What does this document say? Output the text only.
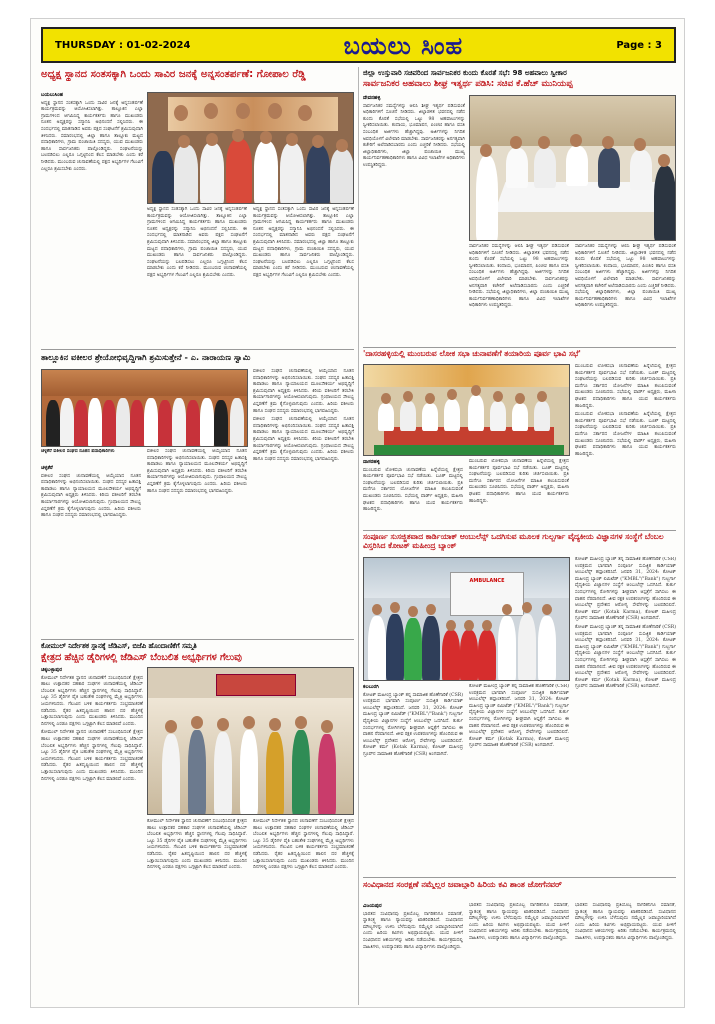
THURSDAY : 01-02-2024	ಬಯಲು ಸಿಂಹ	Page : 3
ಅಧ್ಯಕ್ಷ ಸ್ಥಾನದ ಸಂತಸಕ್ಕಾಗಿ ಒಂದು ಸಾವಿರ ಜನಕ್ಕೆ ಅನ್ನಸಂತರ್ಪಣೆ: ಗೋಪಾಲ ರೆಡ್ಡಿ
ಬಯಲುಸಿಂಹ
ಅಧ್ಯಕ್ಷ ಸ್ಥಾನದ ಸಂತಸಕ್ಕಾಗಿ ಒಂದು ಸಾವಿರ ಜನಕ್ಕೆ ಅನ್ನಸಂತರ್ಪಣೆ ಕಾರ್ಯಕ್ರಮವನ್ನು ಆಯೋಜಿಸಲಾಗಿತ್ತು. ತಾಲ್ಲೂಕಿನ ಎಲ್ಲಾ ಗ್ರಾಮಗಳಿಂದ ಆಗಮಿಸಿದ್ದ ಕಾರ್ಯಕರ್ತರು ಹಾಗೂ ಮುಖಂಡರು ನೂತನ ಅಧ್ಯಕ್ಷರನ್ನು ಸನ್ಮಾನಿಸಿ ಅಭಿನಂದನೆ ಸಲ್ಲಿಸಿದರು. ಈ ಸಂದರ್ಭದಲ್ಲಿ ಮಾತನಾಡಿದ ಅವರು ಪಕ್ಷದ ಸಂಘಟನೆಗೆ ಶ್ರಮಿಸುವುದಾಗಿ ತಿಳಿಸಿದರು. ಸಮಾರಂಭದಲ್ಲಿ ಜಿಲ್ಲಾ ಹಾಗೂ ತಾಲ್ಲೂಕು ಮಟ್ಟದ ಪದಾಧಿಕಾರಿಗಳು, ಗ್ರಾಮ ಪಂಚಾಯಿತಿ ಸದಸ್ಯರು, ಯುವ ಮುಖಂಡರು ಹಾಗೂ ಸಾರ್ವಜನಿಕರು ಪಾಲ್ಗೊಂಡಿದ್ದರು. ಸಂಘಟನೆಯನ್ನು ಬಲಪಡಿಸಲು ಎಲ್ಲರೂ ಒಗ್ಗಟ್ಟಿನಿಂದ ಕೆಲಸ ಮಾಡಬೇಕು ಎಂದು ಕರೆ ನೀಡಿದರು. ಮುಂಬರುವ ಚುನಾವಣೆಯಲ್ಲಿ ಪಕ್ಷದ ಅಭ್ಯರ್ಥಿಗಳ ಗೆಲುವಿಗೆ ಎಲ್ಲರೂ ಶ್ರಮಿಸಬೇಕು ಎಂದರು.
ಅಧ್ಯಕ್ಷ ಸ್ಥಾನದ ಸಂತಸಕ್ಕಾಗಿ ಒಂದು ಸಾವಿರ ಜನಕ್ಕೆ ಅನ್ನಸಂತರ್ಪಣೆ ಕಾರ್ಯಕ್ರಮವನ್ನು ಆಯೋಜಿಸಲಾಗಿತ್ತು. ತಾಲ್ಲೂಕಿನ ಎಲ್ಲಾ ಗ್ರಾಮಗಳಿಂದ ಆಗಮಿಸಿದ್ದ ಕಾರ್ಯಕರ್ತರು ಹಾಗೂ ಮುಖಂಡರು ನೂತನ ಅಧ್ಯಕ್ಷರನ್ನು ಸನ್ಮಾನಿಸಿ ಅಭಿನಂದನೆ ಸಲ್ಲಿಸಿದರು. ಈ ಸಂದರ್ಭದಲ್ಲಿ ಮಾತನಾಡಿದ ಅವರು ಪಕ್ಷದ ಸಂಘಟನೆಗೆ ಶ್ರಮಿಸುವುದಾಗಿ ತಿಳಿಸಿದರು. ಸಮಾರಂಭದಲ್ಲಿ ಜಿಲ್ಲಾ ಹಾಗೂ ತಾಲ್ಲೂಕು ಮಟ್ಟದ ಪದಾಧಿಕಾರಿಗಳು, ಗ್ರಾಮ ಪಂಚಾಯಿತಿ ಸದಸ್ಯರು, ಯುವ ಮುಖಂಡರು ಹಾಗೂ ಸಾರ್ವಜನಿಕರು ಪಾಲ್ಗೊಂಡಿದ್ದರು. ಸಂಘಟನೆಯನ್ನು ಬಲಪಡಿಸಲು ಎಲ್ಲರೂ ಒಗ್ಗಟ್ಟಿನಿಂದ ಕೆಲಸ ಮಾಡಬೇಕು ಎಂದು ಕರೆ ನೀಡಿದರು. ಮುಂಬರುವ ಚುನಾವಣೆಯಲ್ಲಿ ಪಕ್ಷದ ಅಭ್ಯರ್ಥಿಗಳ ಗೆಲುವಿಗೆ ಎಲ್ಲರೂ ಶ್ರಮಿಸಬೇಕು ಎಂದರು.
ಅಧ್ಯಕ್ಷ ಸ್ಥಾನದ ಸಂತಸಕ್ಕಾಗಿ ಒಂದು ಸಾವಿರ ಜನಕ್ಕೆ ಅನ್ನಸಂತರ್ಪಣೆ ಕಾರ್ಯಕ್ರಮವನ್ನು ಆಯೋಜಿಸಲಾಗಿತ್ತು. ತಾಲ್ಲೂಕಿನ ಎಲ್ಲಾ ಗ್ರಾಮಗಳಿಂದ ಆಗಮಿಸಿದ್ದ ಕಾರ್ಯಕರ್ತರು ಹಾಗೂ ಮುಖಂಡರು ನೂತನ ಅಧ್ಯಕ್ಷರನ್ನು ಸನ್ಮಾನಿಸಿ ಅಭಿನಂದನೆ ಸಲ್ಲಿಸಿದರು. ಈ ಸಂದರ್ಭದಲ್ಲಿ ಮಾತನಾಡಿದ ಅವರು ಪಕ್ಷದ ಸಂಘಟನೆಗೆ ಶ್ರಮಿಸುವುದಾಗಿ ತಿಳಿಸಿದರು. ಸಮಾರಂಭದಲ್ಲಿ ಜಿಲ್ಲಾ ಹಾಗೂ ತಾಲ್ಲೂಕು ಮಟ್ಟದ ಪದಾಧಿಕಾರಿಗಳು, ಗ್ರಾಮ ಪಂಚಾಯಿತಿ ಸದಸ್ಯರು, ಯುವ ಮುಖಂಡರು ಹಾಗೂ ಸಾರ್ವಜನಿಕರು ಪಾಲ್ಗೊಂಡಿದ್ದರು. ಸಂಘಟನೆಯನ್ನು ಬಲಪಡಿಸಲು ಎಲ್ಲರೂ ಒಗ್ಗಟ್ಟಿನಿಂದ ಕೆಲಸ ಮಾಡಬೇಕು ಎಂದು ಕರೆ ನೀಡಿದರು. ಮುಂಬರುವ ಚುನಾವಣೆಯಲ್ಲಿ ಪಕ್ಷದ ಅಭ್ಯರ್ಥಿಗಳ ಗೆಲುವಿಗೆ ಎಲ್ಲರೂ ಶ್ರಮಿಸಬೇಕು ಎಂದರು.
ತಾಲ್ಲೂಕಿನ ವಕೀಲರ ಶ್ರೇಯೋಭಿವೃದ್ಧಿಗಾಗಿ ಶ್ರಮಿಸುತ್ತೇನೆ - ಎ. ನಾರಾಯಣ ಸ್ವಾಮಿ
ಚಳ್ಳಕೆರೆ ವಕೀಲರ ಸಂಘದ ನೂತನ ಪದಾಧಿಕಾರಿಗಳು
ಚಳ್ಳಕೆರೆ
ವಕೀಲರ ಸಂಘದ ಚುನಾವಣೆಯಲ್ಲಿ ಆಯ್ಕೆಯಾದ ನೂತನ ಪದಾಧಿಕಾರಿಗಳನ್ನು ಅಭಿನಂದಿಸಲಾಯಿತು. ಸಂಘದ ಸದಸ್ಯರ ಹಿತಾಸಕ್ತಿ ಕಾಪಾಡಲು ಹಾಗೂ ನ್ಯಾಯಾಲಯದ ಮೂಲಸೌಕರ್ಯ ಅಭಿವೃದ್ಧಿಗೆ ಶ್ರಮಿಸುವುದಾಗಿ ಅಧ್ಯಕ್ಷರು ತಿಳಿಸಿದರು. ಕಿರಿಯ ವಕೀಲರಿಗೆ ತರಬೇತಿ ಕಾರ್ಯಾಗಾರಗಳನ್ನು ಆಯೋಜಿಸಲಾಗುವುದು. ಗ್ರಂಥಾಲಯದ ಸೌಲಭ್ಯ ವಿಸ್ತರಣೆಗೆ ಕ್ರಮ ಕೈಗೊಳ್ಳಲಾಗುವುದು ಎಂದರು. ಹಿರಿಯ ವಕೀಲರು ಹಾಗೂ ಸಂಘದ ಸದಸ್ಯರು ಸಮಾರಂಭದಲ್ಲಿ ಭಾಗವಹಿಸಿದ್ದರು.
ವಕೀಲರ ಸಂಘದ ಚುನಾವಣೆಯಲ್ಲಿ ಆಯ್ಕೆಯಾದ ನೂತನ ಪದಾಧಿಕಾರಿಗಳನ್ನು ಅಭಿನಂದಿಸಲಾಯಿತು. ಸಂಘದ ಸದಸ್ಯರ ಹಿತಾಸಕ್ತಿ ಕಾಪಾಡಲು ಹಾಗೂ ನ್ಯಾಯಾಲಯದ ಮೂಲಸೌಕರ್ಯ ಅಭಿವೃದ್ಧಿಗೆ ಶ್ರಮಿಸುವುದಾಗಿ ಅಧ್ಯಕ್ಷರು ತಿಳಿಸಿದರು. ಕಿರಿಯ ವಕೀಲರಿಗೆ ತರಬೇತಿ ಕಾರ್ಯಾಗಾರಗಳನ್ನು ಆಯೋಜಿಸಲಾಗುವುದು. ಗ್ರಂಥಾಲಯದ ಸೌಲಭ್ಯ ವಿಸ್ತರಣೆಗೆ ಕ್ರಮ ಕೈಗೊಳ್ಳಲಾಗುವುದು ಎಂದರು. ಹಿರಿಯ ವಕೀಲರು ಹಾಗೂ ಸಂಘದ ಸದಸ್ಯರು ಸಮಾರಂಭದಲ್ಲಿ ಭಾಗವಹಿಸಿದ್ದರು.
ವಕೀಲರ ಸಂಘದ ಚುನಾವಣೆಯಲ್ಲಿ ಆಯ್ಕೆಯಾದ ನೂತನ ಪದಾಧಿಕಾರಿಗಳನ್ನು ಅಭಿನಂದಿಸಲಾಯಿತು. ಸಂಘದ ಸದಸ್ಯರ ಹಿತಾಸಕ್ತಿ ಕಾಪಾಡಲು ಹಾಗೂ ನ್ಯಾಯಾಲಯದ ಮೂಲಸೌಕರ್ಯ ಅಭಿವೃದ್ಧಿಗೆ ಶ್ರಮಿಸುವುದಾಗಿ ಅಧ್ಯಕ್ಷರು ತಿಳಿಸಿದರು. ಕಿರಿಯ ವಕೀಲರಿಗೆ ತರಬೇತಿ ಕಾರ್ಯಾಗಾರಗಳನ್ನು ಆಯೋಜಿಸಲಾಗುವುದು. ಗ್ರಂಥಾಲಯದ ಸೌಲಭ್ಯ ವಿಸ್ತರಣೆಗೆ ಕ್ರಮ ಕೈಗೊಳ್ಳಲಾಗುವುದು ಎಂದರು. ಹಿರಿಯ ವಕೀಲರು ಹಾಗೂ ಸಂಘದ ಸದಸ್ಯರು ಸಮಾರಂಭದಲ್ಲಿ ಭಾಗವಹಿಸಿದ್ದರು.
ವಕೀಲರ ಸಂಘದ ಚುನಾವಣೆಯಲ್ಲಿ ಆಯ್ಕೆಯಾದ ನೂತನ ಪದಾಧಿಕಾರಿಗಳನ್ನು ಅಭಿನಂದಿಸಲಾಯಿತು. ಸಂಘದ ಸದಸ್ಯರ ಹಿತಾಸಕ್ತಿ ಕಾಪಾಡಲು ಹಾಗೂ ನ್ಯಾಯಾಲಯದ ಮೂಲಸೌಕರ್ಯ ಅಭಿವೃದ್ಧಿಗೆ ಶ್ರಮಿಸುವುದಾಗಿ ಅಧ್ಯಕ್ಷರು ತಿಳಿಸಿದರು. ಕಿರಿಯ ವಕೀಲರಿಗೆ ತರಬೇತಿ ಕಾರ್ಯಾಗಾರಗಳನ್ನು ಆಯೋಜಿಸಲಾಗುವುದು. ಗ್ರಂಥಾಲಯದ ಸೌಲಭ್ಯ ವಿಸ್ತರಣೆಗೆ ಕ್ರಮ ಕೈಗೊಳ್ಳಲಾಗುವುದು ಎಂದರು. ಹಿರಿಯ ವಕೀಲರು ಹಾಗೂ ಸಂಘದ ಸದಸ್ಯರು ಸಮಾರಂಭದಲ್ಲಿ ಭಾಗವಹಿಸಿದ್ದರು.
ಕೋಮುಲ್ ನಿರ್ದೇಶಕ ಸ್ಥಾನಕ್ಕೆ ಜೆಡಿಎಸ್, ಬಿಜೆಪಿ ಹೊಂದಾಣಿಕೆಗೆ ಸಮ್ಮತಿ
ಕ್ಷೇತ್ರದ ಹೆಚ್ಚಿನ ಡೈರಿಗಳಲ್ಲಿ ಜೆಡಿಎಸ್ ಬೆಂಬಲಿತ ಅಭ್ಯರ್ಥಿಗಳ ಗೆಲುವು
ಚಿಕ್ಕಬಳ್ಳಾಪುರ
ಕೋಮುಲ್ ನಿರ್ದೇಶಕ ಸ್ಥಾನದ ಚುನಾವಣೆಗೆ ಸಂಬಂಧಿಸಿದಂತೆ ಕ್ಷೇತ್ರದ ಹಾಲು ಉತ್ಪಾದಕರ ಸಹಕಾರ ಸಂಘಗಳ ಚುನಾವಣೆಯಲ್ಲಿ ಜೆಡಿಎಸ್ ಬೆಂಬಲಿತ ಅಭ್ಯರ್ಥಿಗಳು ಹೆಚ್ಚಿನ ಸ್ಥಾನಗಳಲ್ಲಿ ಗೆಲುವು ಸಾಧಿಸಿದ್ದಾರೆ. ಒಟ್ಟು 35 ಡೈರಿಗಳ ಪೈಕಿ ಬಹುತೇಕ ಸಂಘಗಳಲ್ಲಿ ಮೈತ್ರಿ ಅಭ್ಯರ್ಥಿಗಳು ಜಯಗಳಿಸಿದರು. ಗೆಲುವಿನ ಬಳಿಕ ಕಾರ್ಯಕರ್ತರು ಸಂಭ್ರಮಾಚರಣೆ ನಡೆಸಿದರು. ರೈತರ ಹಿತದೃಷ್ಟಿಯಿಂದ ಹಾಲಿನ ದರ ಹೆಚ್ಚಳಕ್ಕೆ ಒತ್ತಾಯಿಸಲಾಗುವುದು ಎಂದು ಮುಖಂಡರು ತಿಳಿಸಿದರು. ಮುಂದಿನ ದಿನಗಳಲ್ಲಿ ಎರಡೂ ಪಕ್ಷಗಳು ಒಗ್ಗಟ್ಟಾಗಿ ಕೆಲಸ ಮಾಡಲಿವೆ ಎಂದರು.
ಕೋಮುಲ್ ನಿರ್ದೇಶಕ ಸ್ಥಾನದ ಚುನಾವಣೆಗೆ ಸಂಬಂಧಿಸಿದಂತೆ ಕ್ಷೇತ್ರದ ಹಾಲು ಉತ್ಪಾದಕರ ಸಹಕಾರ ಸಂಘಗಳ ಚುನಾವಣೆಯಲ್ಲಿ ಜೆಡಿಎಸ್ ಬೆಂಬಲಿತ ಅಭ್ಯರ್ಥಿಗಳು ಹೆಚ್ಚಿನ ಸ್ಥಾನಗಳಲ್ಲಿ ಗೆಲುವು ಸಾಧಿಸಿದ್ದಾರೆ. ಒಟ್ಟು 35 ಡೈರಿಗಳ ಪೈಕಿ ಬಹುತೇಕ ಸಂಘಗಳಲ್ಲಿ ಮೈತ್ರಿ ಅಭ್ಯರ್ಥಿಗಳು ಜಯಗಳಿಸಿದರು. ಗೆಲುವಿನ ಬಳಿಕ ಕಾರ್ಯಕರ್ತರು ಸಂಭ್ರಮಾಚರಣೆ ನಡೆಸಿದರು. ರೈತರ ಹಿತದೃಷ್ಟಿಯಿಂದ ಹಾಲಿನ ದರ ಹೆಚ್ಚಳಕ್ಕೆ ಒತ್ತಾಯಿಸಲಾಗುವುದು ಎಂದು ಮುಖಂಡರು ತಿಳಿಸಿದರು. ಮುಂದಿನ ದಿನಗಳಲ್ಲಿ ಎರಡೂ ಪಕ್ಷಗಳು ಒಗ್ಗಟ್ಟಾಗಿ ಕೆಲಸ ಮಾಡಲಿವೆ ಎಂದರು.
ಕೋಮುಲ್ ನಿರ್ದೇಶಕ ಸ್ಥಾನದ ಚುನಾವಣೆಗೆ ಸಂಬಂಧಿಸಿದಂತೆ ಕ್ಷೇತ್ರದ ಹಾಲು ಉತ್ಪಾದಕರ ಸಹಕಾರ ಸಂಘಗಳ ಚುನಾವಣೆಯಲ್ಲಿ ಜೆಡಿಎಸ್ ಬೆಂಬಲಿತ ಅಭ್ಯರ್ಥಿಗಳು ಹೆಚ್ಚಿನ ಸ್ಥಾನಗಳಲ್ಲಿ ಗೆಲುವು ಸಾಧಿಸಿದ್ದಾರೆ. ಒಟ್ಟು 35 ಡೈರಿಗಳ ಪೈಕಿ ಬಹುತೇಕ ಸಂಘಗಳಲ್ಲಿ ಮೈತ್ರಿ ಅಭ್ಯರ್ಥಿಗಳು ಜಯಗಳಿಸಿದರು. ಗೆಲುವಿನ ಬಳಿಕ ಕಾರ್ಯಕರ್ತರು ಸಂಭ್ರಮಾಚರಣೆ ನಡೆಸಿದರು. ರೈತರ ಹಿತದೃಷ್ಟಿಯಿಂದ ಹಾಲಿನ ದರ ಹೆಚ್ಚಳಕ್ಕೆ ಒತ್ತಾಯಿಸಲಾಗುವುದು ಎಂದು ಮುಖಂಡರು ತಿಳಿಸಿದರು. ಮುಂದಿನ ದಿನಗಳಲ್ಲಿ ಎರಡೂ ಪಕ್ಷಗಳು ಒಗ್ಗಟ್ಟಾಗಿ ಕೆಲಸ ಮಾಡಲಿವೆ ಎಂದರು.
ಕೋಮುಲ್ ನಿರ್ದೇಶಕ ಸ್ಥಾನದ ಚುನಾವಣೆಗೆ ಸಂಬಂಧಿಸಿದಂತೆ ಕ್ಷೇತ್ರದ ಹಾಲು ಉತ್ಪಾದಕರ ಸಹಕಾರ ಸಂಘಗಳ ಚುನಾವಣೆಯಲ್ಲಿ ಜೆಡಿಎಸ್ ಬೆಂಬಲಿತ ಅಭ್ಯರ್ಥಿಗಳು ಹೆಚ್ಚಿನ ಸ್ಥಾನಗಳಲ್ಲಿ ಗೆಲುವು ಸಾಧಿಸಿದ್ದಾರೆ. ಒಟ್ಟು 35 ಡೈರಿಗಳ ಪೈಕಿ ಬಹುತೇಕ ಸಂಘಗಳಲ್ಲಿ ಮೈತ್ರಿ ಅಭ್ಯರ್ಥಿಗಳು ಜಯಗಳಿಸಿದರು. ಗೆಲುವಿನ ಬಳಿಕ ಕಾರ್ಯಕರ್ತರು ಸಂಭ್ರಮಾಚರಣೆ ನಡೆಸಿದರು. ರೈತರ ಹಿತದೃಷ್ಟಿಯಿಂದ ಹಾಲಿನ ದರ ಹೆಚ್ಚಳಕ್ಕೆ ಒತ್ತಾಯಿಸಲಾಗುವುದು ಎಂದು ಮುಖಂಡರು ತಿಳಿಸಿದರು. ಮುಂದಿನ ದಿನಗಳಲ್ಲಿ ಎರಡೂ ಪಕ್ಷಗಳು ಒಗ್ಗಟ್ಟಾಗಿ ಕೆಲಸ ಮಾಡಲಿವೆ ಎಂದರು.
ಜಿಲ್ಲಾ ಉಸ್ತುವಾರಿ ಸಚಿವರಿಂದ ಸಾರ್ವಜನಿಕರ ಕುಂದು ಕೊರತೆ ಸಭೆ: 98 ಅಹವಾಲು ಸ್ವೀಕಾರ
ಸಾರ್ವಜನಿಕರ ಅಹವಾಲು ಶೀಘ್ರ ಇತ್ಯರ್ಥ ಪಡಿಸಿ: ಸಚಿವ ಕೆ.ಹೆಚ್ ಮುನಿಯಪ್ಪ
ದೇವನಹಳ್ಳಿ
ಸಾರ್ವಜನಿಕರ ಸಮಸ್ಯೆಗಳನ್ನು ಆಲಿಸಿ ಶೀಘ್ರ ಇತ್ಯರ್ಥ ಪಡಿಸುವಂತೆ ಅಧಿಕಾರಿಗಳಿಗೆ ಸೂಚನೆ ನೀಡಿದರು. ಜಿಲ್ಲಾಡಳಿತ ಭವನದಲ್ಲಿ ನಡೆದ ಕುಂದು ಕೊರತೆ ಸಭೆಯಲ್ಲಿ ಒಟ್ಟು 98 ಅಹವಾಲುಗಳನ್ನು ಸ್ವೀಕರಿಸಲಾಯಿತು. ಕಂದಾಯ, ಭೂಮಾಪನ, ಪಿಂಚಣಿ ಹಾಗೂ ವಸತಿ ಸಂಬಂಧಿತ ಅರ್ಜಿಗಳು ಹೆಚ್ಚಾಗಿದ್ದವು. ಅರ್ಜಿಗಳನ್ನು ನಿಗದಿತ ಅವಧಿಯೊಳಗೆ ವಿಲೇವಾರಿ ಮಾಡಬೇಕು. ಸಾರ್ವಜನಿಕರನ್ನು ಅನಗತ್ಯವಾಗಿ ಕಚೇರಿಗೆ ಅಲೆದಾಡಿಸಬಾರದು ಎಂದು ಎಚ್ಚರಿಕೆ ನೀಡಿದರು. ಸಭೆಯಲ್ಲಿ ಜಿಲ್ಲಾಧಿಕಾರಿಗಳು, ಜಿಲ್ಲಾ ಪಂಚಾಯಿತಿ ಮುಖ್ಯ ಕಾರ್ಯನಿರ್ವಹಣಾಧಿಕಾರಿಗಳು ಹಾಗೂ ವಿವಿಧ ಇಲಾಖೆಗಳ ಅಧಿಕಾರಿಗಳು ಉಪಸ್ಥಿತರಿದ್ದರು.
ಸಾರ್ವಜನಿಕರ ಸಮಸ್ಯೆಗಳನ್ನು ಆಲಿಸಿ ಶೀಘ್ರ ಇತ್ಯರ್ಥ ಪಡಿಸುವಂತೆ ಅಧಿಕಾರಿಗಳಿಗೆ ಸೂಚನೆ ನೀಡಿದರು. ಜಿಲ್ಲಾಡಳಿತ ಭವನದಲ್ಲಿ ನಡೆದ ಕುಂದು ಕೊರತೆ ಸಭೆಯಲ್ಲಿ ಒಟ್ಟು 98 ಅಹವಾಲುಗಳನ್ನು ಸ್ವೀಕರಿಸಲಾಯಿತು. ಕಂದಾಯ, ಭೂಮಾಪನ, ಪಿಂಚಣಿ ಹಾಗೂ ವಸತಿ ಸಂಬಂಧಿತ ಅರ್ಜಿಗಳು ಹೆಚ್ಚಾಗಿದ್ದವು. ಅರ್ಜಿಗಳನ್ನು ನಿಗದಿತ ಅವಧಿಯೊಳಗೆ ವಿಲೇವಾರಿ ಮಾಡಬೇಕು. ಸಾರ್ವಜನಿಕರನ್ನು ಅನಗತ್ಯವಾಗಿ ಕಚೇರಿಗೆ ಅಲೆದಾಡಿಸಬಾರದು ಎಂದು ಎಚ್ಚರಿಕೆ ನೀಡಿದರು. ಸಭೆಯಲ್ಲಿ ಜಿಲ್ಲಾಧಿಕಾರಿಗಳು, ಜಿಲ್ಲಾ ಪಂಚಾಯಿತಿ ಮುಖ್ಯ ಕಾರ್ಯನಿರ್ವಹಣಾಧಿಕಾರಿಗಳು ಹಾಗೂ ವಿವಿಧ ಇಲಾಖೆಗಳ ಅಧಿಕಾರಿಗಳು ಉಪಸ್ಥಿತರಿದ್ದರು.
ಸಾರ್ವಜನಿಕರ ಸಮಸ್ಯೆಗಳನ್ನು ಆಲಿಸಿ ಶೀಘ್ರ ಇತ್ಯರ್ಥ ಪಡಿಸುವಂತೆ ಅಧಿಕಾರಿಗಳಿಗೆ ಸೂಚನೆ ನೀಡಿದರು. ಜಿಲ್ಲಾಡಳಿತ ಭವನದಲ್ಲಿ ನಡೆದ ಕುಂದು ಕೊರತೆ ಸಭೆಯಲ್ಲಿ ಒಟ್ಟು 98 ಅಹವಾಲುಗಳನ್ನು ಸ್ವೀಕರಿಸಲಾಯಿತು. ಕಂದಾಯ, ಭೂಮಾಪನ, ಪಿಂಚಣಿ ಹಾಗೂ ವಸತಿ ಸಂಬಂಧಿತ ಅರ್ಜಿಗಳು ಹೆಚ್ಚಾಗಿದ್ದವು. ಅರ್ಜಿಗಳನ್ನು ನಿಗದಿತ ಅವಧಿಯೊಳಗೆ ವಿಲೇವಾರಿ ಮಾಡಬೇಕು. ಸಾರ್ವಜನಿಕರನ್ನು ಅನಗತ್ಯವಾಗಿ ಕಚೇರಿಗೆ ಅಲೆದಾಡಿಸಬಾರದು ಎಂದು ಎಚ್ಚರಿಕೆ ನೀಡಿದರು. ಸಭೆಯಲ್ಲಿ ಜಿಲ್ಲಾಧಿಕಾರಿಗಳು, ಜಿಲ್ಲಾ ಪಂಚಾಯಿತಿ ಮುಖ್ಯ ಕಾರ್ಯನಿರ್ವಹಣಾಧಿಕಾರಿಗಳು ಹಾಗೂ ವಿವಿಧ ಇಲಾಖೆಗಳ ಅಧಿಕಾರಿಗಳು ಉಪಸ್ಥಿತರಿದ್ದರು.
'ದಾಸರಹಳ್ಳಿಯಲ್ಲಿ ಮುಂಬರುವ ಲೋಕ ಸಭಾ ಚುನಾವಣೆಗೆ ತಯಾರಿಯ ಪೂರ್ವ ಭಾವಿ ಸಭೆ'
ದಾಸರಹಳ್ಳಿ
ಮುಂಬರುವ ಲೋಕಸಭಾ ಚುನಾವಣೆಯ ಹಿನ್ನೆಲೆಯಲ್ಲಿ ಕ್ಷೇತ್ರದ ಕಾರ್ಯಕರ್ತರ ಪೂರ್ವಭಾವಿ ಸಭೆ ನಡೆಯಿತು. ಬೂತ್ ಮಟ್ಟದಲ್ಲಿ ಸಂಘಟನೆಯನ್ನು ಬಲಪಡಿಸುವ ಕುರಿತು ಚರ್ಚಿಸಲಾಯಿತು. ಪ್ರತಿ ಮನೆಗೂ ಸರ್ಕಾರದ ಯೋಜನೆಗಳ ಮಾಹಿತಿ ತಲುಪಿಸುವಂತೆ ಮುಖಂಡರು ಸೂಚಿಸಿದರು. ಸಭೆಯಲ್ಲಿ ವಾರ್ಡ್ ಅಧ್ಯಕ್ಷರು, ಮಹಿಳಾ ಘಟಕದ ಪದಾಧಿಕಾರಿಗಳು ಹಾಗೂ ಯುವ ಕಾರ್ಯಕರ್ತರು ಹಾಜರಿದ್ದರು.
ಮುಂಬರುವ ಲೋಕಸಭಾ ಚುನಾವಣೆಯ ಹಿನ್ನೆಲೆಯಲ್ಲಿ ಕ್ಷೇತ್ರದ ಕಾರ್ಯಕರ್ತರ ಪೂರ್ವಭಾವಿ ಸಭೆ ನಡೆಯಿತು. ಬೂತ್ ಮಟ್ಟದಲ್ಲಿ ಸಂಘಟನೆಯನ್ನು ಬಲಪಡಿಸುವ ಕುರಿತು ಚರ್ಚಿಸಲಾಯಿತು. ಪ್ರತಿ ಮನೆಗೂ ಸರ್ಕಾರದ ಯೋಜನೆಗಳ ಮಾಹಿತಿ ತಲುಪಿಸುವಂತೆ ಮುಖಂಡರು ಸೂಚಿಸಿದರು. ಸಭೆಯಲ್ಲಿ ವಾರ್ಡ್ ಅಧ್ಯಕ್ಷರು, ಮಹಿಳಾ ಘಟಕದ ಪದಾಧಿಕಾರಿಗಳು ಹಾಗೂ ಯುವ ಕಾರ್ಯಕರ್ತರು ಹಾಜರಿದ್ದರು.
ಮುಂಬರುವ ಲೋಕಸಭಾ ಚುನಾವಣೆಯ ಹಿನ್ನೆಲೆಯಲ್ಲಿ ಕ್ಷೇತ್ರದ ಕಾರ್ಯಕರ್ತರ ಪೂರ್ವಭಾವಿ ಸಭೆ ನಡೆಯಿತು. ಬೂತ್ ಮಟ್ಟದಲ್ಲಿ ಸಂಘಟನೆಯನ್ನು ಬಲಪಡಿಸುವ ಕುರಿತು ಚರ್ಚಿಸಲಾಯಿತು. ಪ್ರತಿ ಮನೆಗೂ ಸರ್ಕಾರದ ಯೋಜನೆಗಳ ಮಾಹಿತಿ ತಲುಪಿಸುವಂತೆ ಮುಖಂಡರು ಸೂಚಿಸಿದರು. ಸಭೆಯಲ್ಲಿ ವಾರ್ಡ್ ಅಧ್ಯಕ್ಷರು, ಮಹಿಳಾ ಘಟಕದ ಪದಾಧಿಕಾರಿಗಳು ಹಾಗೂ ಯುವ ಕಾರ್ಯಕರ್ತರು ಹಾಜರಿದ್ದರು.
ಮುಂಬರುವ ಲೋಕಸಭಾ ಚುನಾವಣೆಯ ಹಿನ್ನೆಲೆಯಲ್ಲಿ ಕ್ಷೇತ್ರದ ಕಾರ್ಯಕರ್ತರ ಪೂರ್ವಭಾವಿ ಸಭೆ ನಡೆಯಿತು. ಬೂತ್ ಮಟ್ಟದಲ್ಲಿ ಸಂಘಟನೆಯನ್ನು ಬಲಪಡಿಸುವ ಕುರಿತು ಚರ್ಚಿಸಲಾಯಿತು. ಪ್ರತಿ ಮನೆಗೂ ಸರ್ಕಾರದ ಯೋಜನೆಗಳ ಮಾಹಿತಿ ತಲುಪಿಸುವಂತೆ ಮುಖಂಡರು ಸೂಚಿಸಿದರು. ಸಭೆಯಲ್ಲಿ ವಾರ್ಡ್ ಅಧ್ಯಕ್ಷರು, ಮಹಿಳಾ ಘಟಕದ ಪದಾಧಿಕಾರಿಗಳು ಹಾಗೂ ಯುವ ಕಾರ್ಯಕರ್ತರು ಹಾಜರಿದ್ದರು.
ಸಂಪೂರ್ಣ ಸುಸಜ್ಜಿತವಾದ ಕಾರ್ಡಿಯಾಕ್ ಆಂಬುಲೆನ್ಸ್ ಒದಗಿಸುವ ಮೂಲಕ ಗುಲ್ಬರ್ಗಾ ವೈದ್ಯಕೀಯ ವಿಜ್ಞಾನಗಳ ಸಂಸ್ಥೆಗೆ ಬೆಂಬಲ ವಿಸ್ತರಿಸಿದ ಕೋಟಕ್ ಮಹೀಂದ್ರ ಬ್ಯಾಂಕ್
AMBULANCE
ಕಲಬುರಗಿ
ಕೋಟಕ್ ಮಹೀಂದ್ರ ಬ್ಯಾಂಕ್ ತನ್ನ ಸಾಮಾಜಿಕ ಹೊಣೆಗಾರಿಕೆ (CSR) ಉಪಕ್ರಮದ ಭಾಗವಾಗಿ ಸಂಪೂರ್ಣ ಸುಸಜ್ಜಿತ ಕಾರ್ಡಿಯಾಕ್ ಆಂಬುಲೆನ್ಸ್ ಹಸ್ತಾಂತರಿಸಿದೆ. ಜನವರಿ 31, 2024: ಕೋಟಕ್ ಮಹೀಂದ್ರ ಬ್ಯಾಂಕ್ ಲಿಮಿಟೆಡ್ ("KMBL"/"Bank") ಗುಲ್ಬರ್ಗಾ ವೈದ್ಯಕೀಯ ವಿಜ್ಞಾನಗಳ ಸಂಸ್ಥೆಗೆ ಆಂಬುಲೆನ್ಸ್ ಒದಗಿಸಿದೆ. ತುರ್ತು ಸಂದರ್ಭಗಳಲ್ಲಿ ರೋಗಿಗಳನ್ನು ಶೀಘ್ರವಾಗಿ ಆಸ್ಪತ್ರೆಗೆ ಸಾಗಿಸಲು ಈ ವಾಹನ ನೆರವಾಗಲಿದೆ. ಜೀವ ರಕ್ಷಕ ಉಪಕರಣಗಳನ್ನು ಹೊಂದಿರುವ ಈ ಆಂಬುಲೆನ್ಸ್ ಪ್ರದೇಶದ ಆರೋಗ್ಯ ಸೇವೆಗಳನ್ನು ಬಲಪಡಿಸಲಿದೆ. ಕೋಟಕ್ ಕರ್ಮ (Kotak Karma), ಕೋಟಕ್ ಮಹೀಂದ್ರ ಗ್ರೂಪ್‌ನ ಸಾಮಾಜಿಕ ಹೊಣೆಗಾರಿಕೆ (CSR) ಅಂಗವಾಗಿದೆ.
ಕೋಟಕ್ ಮಹೀಂದ್ರ ಬ್ಯಾಂಕ್ ತನ್ನ ಸಾಮಾಜಿಕ ಹೊಣೆಗಾರಿಕೆ (CSR) ಉಪಕ್ರಮದ ಭಾಗವಾಗಿ ಸಂಪೂರ್ಣ ಸುಸಜ್ಜಿತ ಕಾರ್ಡಿಯಾಕ್ ಆಂಬುಲೆನ್ಸ್ ಹಸ್ತಾಂತರಿಸಿದೆ. ಜನವರಿ 31, 2024: ಕೋಟಕ್ ಮಹೀಂದ್ರ ಬ್ಯಾಂಕ್ ಲಿಮಿಟೆಡ್ ("KMBL"/"Bank") ಗುಲ್ಬರ್ಗಾ ವೈದ್ಯಕೀಯ ವಿಜ್ಞಾನಗಳ ಸಂಸ್ಥೆಗೆ ಆಂಬುಲೆನ್ಸ್ ಒದಗಿಸಿದೆ. ತುರ್ತು ಸಂದರ್ಭಗಳಲ್ಲಿ ರೋಗಿಗಳನ್ನು ಶೀಘ್ರವಾಗಿ ಆಸ್ಪತ್ರೆಗೆ ಸಾಗಿಸಲು ಈ ವಾಹನ ನೆರವಾಗಲಿದೆ. ಜೀವ ರಕ್ಷಕ ಉಪಕರಣಗಳನ್ನು ಹೊಂದಿರುವ ಈ ಆಂಬುಲೆನ್ಸ್ ಪ್ರದೇಶದ ಆರೋಗ್ಯ ಸೇವೆಗಳನ್ನು ಬಲಪಡಿಸಲಿದೆ. ಕೋಟಕ್ ಕರ್ಮ (Kotak Karma), ಕೋಟಕ್ ಮಹೀಂದ್ರ ಗ್ರೂಪ್‌ನ ಸಾಮಾಜಿಕ ಹೊಣೆಗಾರಿಕೆ (CSR) ಅಂಗವಾಗಿದೆ.
ಕೋಟಕ್ ಮಹೀಂದ್ರ ಬ್ಯಾಂಕ್ ತನ್ನ ಸಾಮಾಜಿಕ ಹೊಣೆಗಾರಿಕೆ (CSR) ಉಪಕ್ರಮದ ಭಾಗವಾಗಿ ಸಂಪೂರ್ಣ ಸುಸಜ್ಜಿತ ಕಾರ್ಡಿಯಾಕ್ ಆಂಬುಲೆನ್ಸ್ ಹಸ್ತಾಂತರಿಸಿದೆ. ಜನವರಿ 31, 2024: ಕೋಟಕ್ ಮಹೀಂದ್ರ ಬ್ಯಾಂಕ್ ಲಿಮಿಟೆಡ್ ("KMBL"/"Bank") ಗುಲ್ಬರ್ಗಾ ವೈದ್ಯಕೀಯ ವಿಜ್ಞಾನಗಳ ಸಂಸ್ಥೆಗೆ ಆಂಬುಲೆನ್ಸ್ ಒದಗಿಸಿದೆ. ತುರ್ತು ಸಂದರ್ಭಗಳಲ್ಲಿ ರೋಗಿಗಳನ್ನು ಶೀಘ್ರವಾಗಿ ಆಸ್ಪತ್ರೆಗೆ ಸಾಗಿಸಲು ಈ ವಾಹನ ನೆರವಾಗಲಿದೆ. ಜೀವ ರಕ್ಷಕ ಉಪಕರಣಗಳನ್ನು ಹೊಂದಿರುವ ಈ ಆಂಬುಲೆನ್ಸ್ ಪ್ರದೇಶದ ಆರೋಗ್ಯ ಸೇವೆಗಳನ್ನು ಬಲಪಡಿಸಲಿದೆ. ಕೋಟಕ್ ಕರ್ಮ (Kotak Karma), ಕೋಟಕ್ ಮಹೀಂದ್ರ ಗ್ರೂಪ್‌ನ ಸಾಮಾಜಿಕ ಹೊಣೆಗಾರಿಕೆ (CSR) ಅಂಗವಾಗಿದೆ.
ಕೋಟಕ್ ಮಹೀಂದ್ರ ಬ್ಯಾಂಕ್ ತನ್ನ ಸಾಮಾಜಿಕ ಹೊಣೆಗಾರಿಕೆ (CSR) ಉಪಕ್ರಮದ ಭಾಗವಾಗಿ ಸಂಪೂರ್ಣ ಸುಸಜ್ಜಿತ ಕಾರ್ಡಿಯಾಕ್ ಆಂಬುಲೆನ್ಸ್ ಹಸ್ತಾಂತರಿಸಿದೆ. ಜನವರಿ 31, 2024: ಕೋಟಕ್ ಮಹೀಂದ್ರ ಬ್ಯಾಂಕ್ ಲಿಮಿಟೆಡ್ ("KMBL"/"Bank") ಗುಲ್ಬರ್ಗಾ ವೈದ್ಯಕೀಯ ವಿಜ್ಞಾನಗಳ ಸಂಸ್ಥೆಗೆ ಆಂಬುಲೆನ್ಸ್ ಒದಗಿಸಿದೆ. ತುರ್ತು ಸಂದರ್ಭಗಳಲ್ಲಿ ರೋಗಿಗಳನ್ನು ಶೀಘ್ರವಾಗಿ ಆಸ್ಪತ್ರೆಗೆ ಸಾಗಿಸಲು ಈ ವಾಹನ ನೆರವಾಗಲಿದೆ. ಜೀವ ರಕ್ಷಕ ಉಪಕರಣಗಳನ್ನು ಹೊಂದಿರುವ ಈ ಆಂಬುಲೆನ್ಸ್ ಪ್ರದೇಶದ ಆರೋಗ್ಯ ಸೇವೆಗಳನ್ನು ಬಲಪಡಿಸಲಿದೆ. ಕೋಟಕ್ ಕರ್ಮ (Kotak Karma), ಕೋಟಕ್ ಮಹೀಂದ್ರ ಗ್ರೂಪ್‌ನ ಸಾಮಾಜಿಕ ಹೊಣೆಗಾರಿಕೆ (CSR) ಅಂಗವಾಗಿದೆ.
ಸಂವಿಧಾನದ ಸಂರಕ್ಷಣೆ ನಮ್ಮೆಲ್ಲರ ಜವಾಬ್ದಾರಿ ಹಿರಿಯ ಕವಿ ಶಾಂತ ಜೋಗೆನವರ್
ವಿಜಯಪುರ
ಭಾರತದ ಸಂವಿಧಾನವು ಪ್ರತಿಯೊಬ್ಬ ನಾಗರಿಕನಿಗೂ ಸಮಾನತೆ, ಸ್ವಾತಂತ್ರ್ಯ ಹಾಗೂ ನ್ಯಾಯವನ್ನು ಖಾತರಿಪಡಿಸಿದೆ. ಸಂವಿಧಾನದ ಮೌಲ್ಯಗಳನ್ನು ಉಳಿಸಿ ಬೆಳೆಸುವುದು ನಮ್ಮೆಲ್ಲರ ಜವಾಬ್ದಾರಿಯಾಗಿದೆ ಎಂದು ಹಿರಿಯ ಕವಿಗಳು ಅಭಿಪ್ರಾಯಪಟ್ಟರು. ಯುವ ಪೀಳಿಗೆ ಸಂವಿಧಾನದ ಆಶಯಗಳನ್ನು ಅರಿತು ನಡೆಯಬೇಕು. ಕಾರ್ಯಕ್ರಮದಲ್ಲಿ ಸಾಹಿತಿಗಳು, ಉಪನ್ಯಾಸಕರು ಹಾಗೂ ವಿದ್ಯಾರ್ಥಿಗಳು ಪಾಲ್ಗೊಂಡಿದ್ದರು.
ಭಾರತದ ಸಂವಿಧಾನವು ಪ್ರತಿಯೊಬ್ಬ ನಾಗರಿಕನಿಗೂ ಸಮಾನತೆ, ಸ್ವಾತಂತ್ರ್ಯ ಹಾಗೂ ನ್ಯಾಯವನ್ನು ಖಾತರಿಪಡಿಸಿದೆ. ಸಂವಿಧಾನದ ಮೌಲ್ಯಗಳನ್ನು ಉಳಿಸಿ ಬೆಳೆಸುವುದು ನಮ್ಮೆಲ್ಲರ ಜವಾಬ್ದಾರಿಯಾಗಿದೆ ಎಂದು ಹಿರಿಯ ಕವಿಗಳು ಅಭಿಪ್ರಾಯಪಟ್ಟರು. ಯುವ ಪೀಳಿಗೆ ಸಂವಿಧಾನದ ಆಶಯಗಳನ್ನು ಅರಿತು ನಡೆಯಬೇಕು. ಕಾರ್ಯಕ್ರಮದಲ್ಲಿ ಸಾಹಿತಿಗಳು, ಉಪನ್ಯಾಸಕರು ಹಾಗೂ ವಿದ್ಯಾರ್ಥಿಗಳು ಪಾಲ್ಗೊಂಡಿದ್ದರು.
ಭಾರತದ ಸಂವಿಧಾನವು ಪ್ರತಿಯೊಬ್ಬ ನಾಗರಿಕನಿಗೂ ಸಮಾನತೆ, ಸ್ವಾತಂತ್ರ್ಯ ಹಾಗೂ ನ್ಯಾಯವನ್ನು ಖಾತರಿಪಡಿಸಿದೆ. ಸಂವಿಧಾನದ ಮೌಲ್ಯಗಳನ್ನು ಉಳಿಸಿ ಬೆಳೆಸುವುದು ನಮ್ಮೆಲ್ಲರ ಜವಾಬ್ದಾರಿಯಾಗಿದೆ ಎಂದು ಹಿರಿಯ ಕವಿಗಳು ಅಭಿಪ್ರಾಯಪಟ್ಟರು. ಯುವ ಪೀಳಿಗೆ ಸಂವಿಧಾನದ ಆಶಯಗಳನ್ನು ಅರಿತು ನಡೆಯಬೇಕು. ಕಾರ್ಯಕ್ರಮದಲ್ಲಿ ಸಾಹಿತಿಗಳು, ಉಪನ್ಯಾಸಕರು ಹಾಗೂ ವಿದ್ಯಾರ್ಥಿಗಳು ಪಾಲ್ಗೊಂಡಿದ್ದರು.
